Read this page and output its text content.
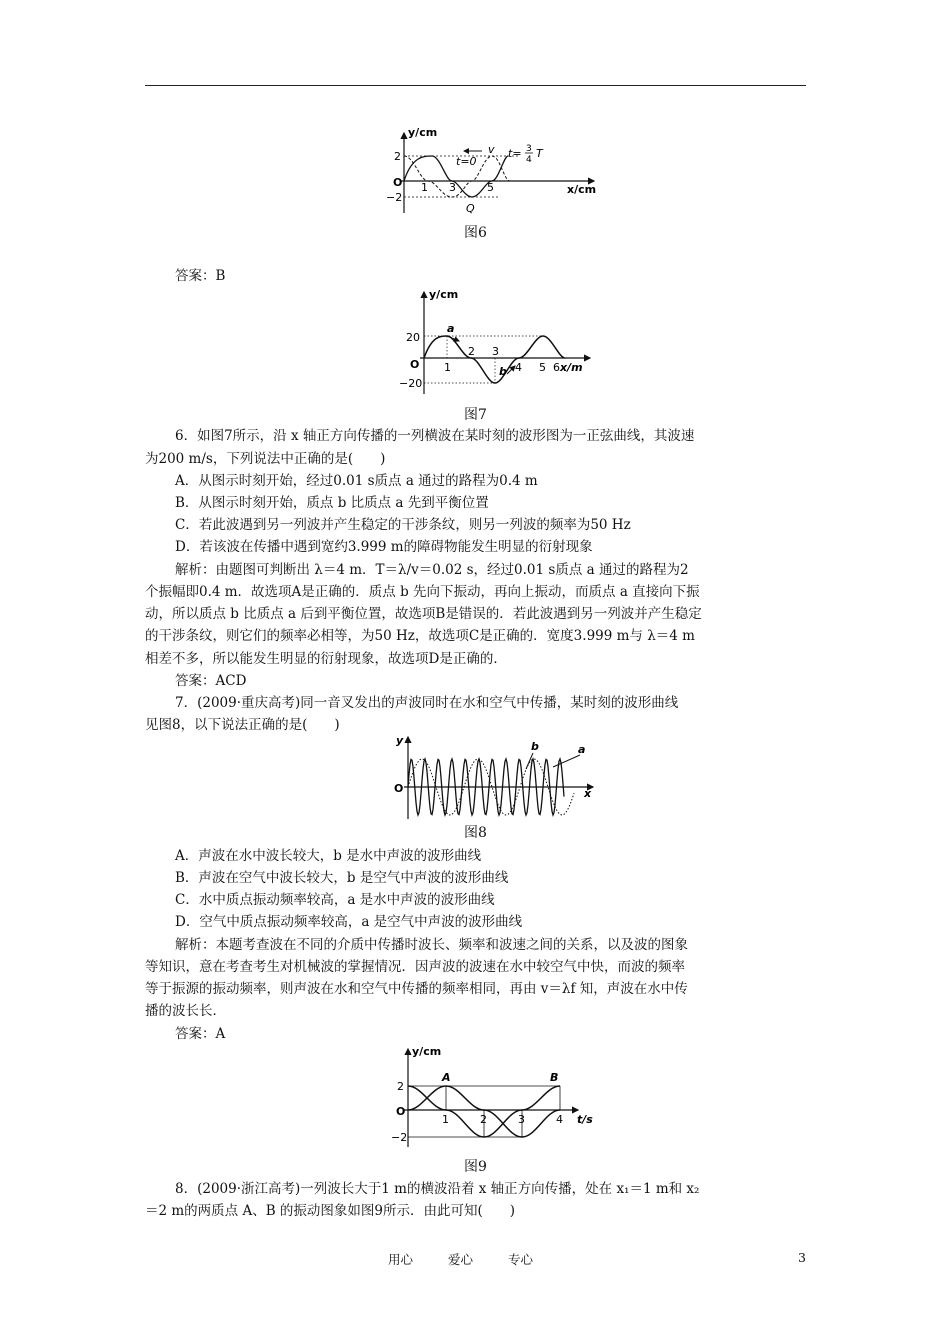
y/cm
x/cm
O
2
−2
1 3	5
t=0
v t= 3
4 T
Q
图6
答案：B
y/cm
x/m
O
20
−20
1
2 3
4 5 6
a
b
图7
6．如图7所示，沿 x 轴正方向传播的一列横波在某时刻的波形图为一正弦曲线，其波速
为200 m/s，下列说法中正确的是(　　)
A．从图示时刻开始，经过0.01 s质点 a 通过的路程为0.4 m
B．从图示时刻开始，质点 b 比质点 a 先到平衡位置
C．若此波遇到另一列波并产生稳定的干涉条纹，则另一列波的频率为50 Hz
D．若该波在传播中遇到宽约3.999 m的障碍物能发生明显的衍射现象
解析：由题图可判断出 λ＝4 m．T＝λ/v＝0.02 s，经过0.01 s质点 a 通过的路程为2
个振幅即0.4 m．故选项A是正确的．质点 b 先向下振动，再向上振动，而质点 a 直接向下振
动，所以质点 b 比质点 a 后到平衡位置，故选项B是错误的．若此波遇到另一列波并产生稳定
的干涉条纹，则它们的频率必相等，为50 Hz，故选项C是正确的．宽度3.999 m与 λ＝4 m
相差不多，所以能发生明显的衍射现象，故选项D是正确的．
答案：ACD
7．(2009·重庆高考)同一音叉发出的声波同时在水和空气中传播，某时刻的波形曲线
见图8，以下说法正确的是(　　)
y
x
O
b	a
图8
A．声波在水中波长较大，b 是水中声波的波形曲线
B．声波在空气中波长较大，b 是空气中声波的波形曲线
C．水中质点振动频率较高，a 是水中声波的波形曲线
D．空气中质点振动频率较高，a 是空气中声波的波形曲线
解析：本题考查波在不同的介质中传播时波长、频率和波速之间的关系，以及波的图象
等知识，意在考查考生对机械波的掌握情况．因声波的波速在水中较空气中快，而波的频率
等于振源的振动频率，则声波在水和空气中传播的频率相同，再由 v＝λf 知，声波在水中传
播的波长长．
答案：A
y/cm
t/s
O
2
−2
1	2	3	4
A	B
图9
8．(2009·浙江高考)一列波长大于1 m的横波沿着 x 轴正方向传播，处在 x₁＝1 m和 x₂
＝2 m的两质点 A、B 的振动图象如图9所示．由此可知(　　)
用心	爱心	专心	3
